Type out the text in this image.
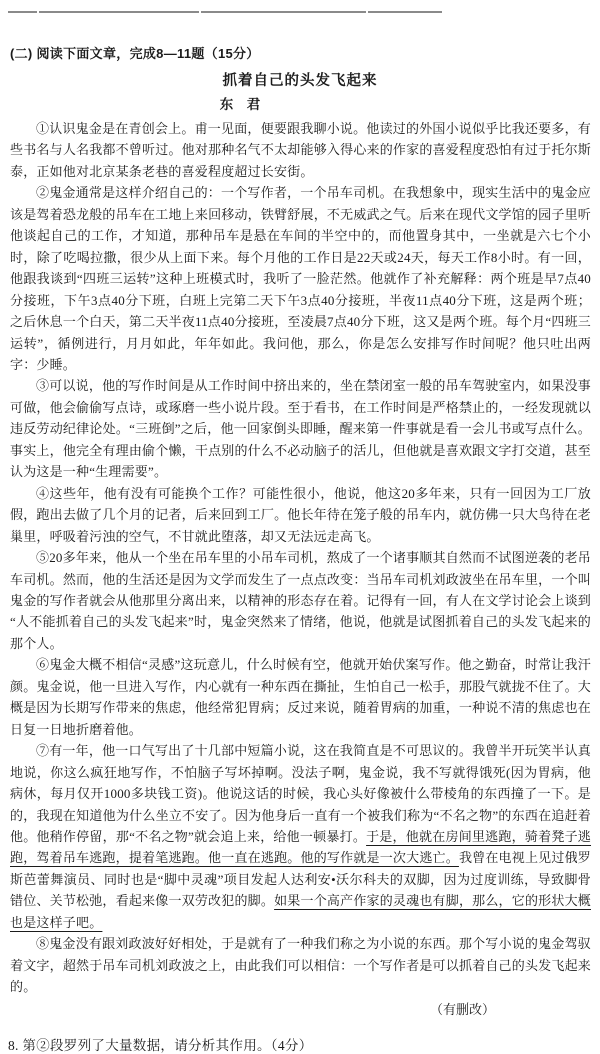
(二) 阅读下面文章，完成8—11题（15分）
抓着自己的头发飞起来
东　君

①认识鬼金是在青创会上。甫一见面，便要跟我聊小说。他读过的外国小说似乎比我还要多，有些书名与人名我都不曾听过。他对那种名气不太却能够入得心来的作家的喜爱程度恐怕有过于托尔斯泰，正如他对北京某条老巷的喜爱程度超过长安街。

②鬼金通常是这样介绍自己的：一个写作者，一个吊车司机。在我想象中，现实生活中的鬼金应该是驾着恐龙般的吊车在工地上来回移动，铁臂舒展，不无威武之气。后来在现代文学馆的园子里听他谈起自己的工作，才知道，那种吊车是悬在车间的半空中的，而他置身其中，一坐就是六七个小时，除了吃喝拉撒，很少从上面下来。每个月他的工作日是22天或24天，每天工作8小时。有一回，他跟我谈到“四班三运转”这种上班模式时，我听了一脸茫然。他就作了补充解释：两个班是早7点40分接班，下午3点40分下班，白班上完第二天下午3点40分接班，半夜11点40分下班，这是两个班；之后休息一个白天，第二天半夜11点40分接班，至凌晨7点40分下班，这又是两个班。每个月“四班三运转”，循例进行，月月如此，年年如此。我问他，那么，你是怎么安排写作时间呢？他只吐出两字：少睡。

③可以说，他的写作时间是从工作时间中挤出来的，坐在禁闭室一般的吊车驾驶室内，如果没事可做，他会偷偷写点诗，或琢磨一些小说片段。至于看书，在工作时间是严格禁止的，一经发现就以违反劳动纪律论处。“三班倒”之后，他一回家倒头即睡，醒来第一件事就是看一会儿书或写点什么。事实上，他完全有理由偷个懒，干点别的什么不必动脑子的活儿，但他就是喜欢跟文字打交道，甚至认为这是一种“生理需要”。

④这些年，他有没有可能换个工作？可能性很小，他说，他这20多年来，只有一回因为工厂放假，跑出去做了几个月的记者，后来回到工厂。他长年待在笼子般的吊车内，就仿佛一只大鸟待在老巢里，呼吸着污浊的空气，不甘就此堕落，却又无法远走高飞。

⑤20多年来，他从一个坐在吊车里的小吊车司机，熬成了一个诸事顺其自然而不试图逆袭的老吊车司机。然而，他的生活还是因为文学而发生了一点点改变：当吊车司机刘政波坐在吊车里，一个叫鬼金的写作者就会从他那里分离出来，以精神的形态存在着。记得有一回，有人在文学讨论会上谈到“人不能抓着自己的头发飞起来”时，鬼金突然来了情绪，他说，他就是试图抓着自己的头发飞起来的那个人。

⑥鬼金大概不相信“灵感”这玩意儿，什么时候有空，他就开始伏案写作。他之勤奋，时常让我汗颜。鬼金说，他一旦进入写作，内心就有一种东西在撕扯，生怕自己一松手，那股气就拢不住了。大概是因为长期写作带来的焦虑，他经常犯胃病；反过来说，随着胃病的加重，一种说不清的焦虑也在日复一日地折磨着他。

⑦有一年，他一口气写出了十几部中短篇小说，这在我简直是不可思议的。我曾半开玩笑半认真地说，你这么疯狂地写作，不怕脑子写坏掉啊。没法子啊，鬼金说，我不写就得饿死(因为胃病，他病休，每月仅开1000多块钱工资)。他说这话的时候，我心头好像被什么带棱角的东西撞了一下。是的，我现在知道他为什么坐立不安了。因为他身后一直有一个被我们称为“不名之物”的东西在追赶着他。他稍作停留，那“不名之物”就会追上来，给他一顿暴打。于是，他就在房间里逃跑，骑着凳子逃跑，驾着吊车逃跑，提着笔逃跑。他一直在逃跑。他的写作就是一次大逃亡。我曾在电视上见过俄罗斯芭蕾舞演员、同时也是“脚中灵魂”项目发起人达利安•沃尔科夫的双脚，因为过度训练，导致脚骨错位、关节松弛，看起来像一双劳改犯的脚。如果一个高产作家的灵魂也有脚，那么，它的形状大概也是这样子吧。

⑧鬼金没有跟刘政波好好相处，于是就有了一种我们称之为小说的东西。那个写小说的鬼金驾驭着文字，超然于吊车司机刘政波之上，由此我们可以相信：一个写作者是可以抓着自己的头发飞起来的。

（有删改）

8. 第②段罗列了大量数据，请分析其作用。（4分）
